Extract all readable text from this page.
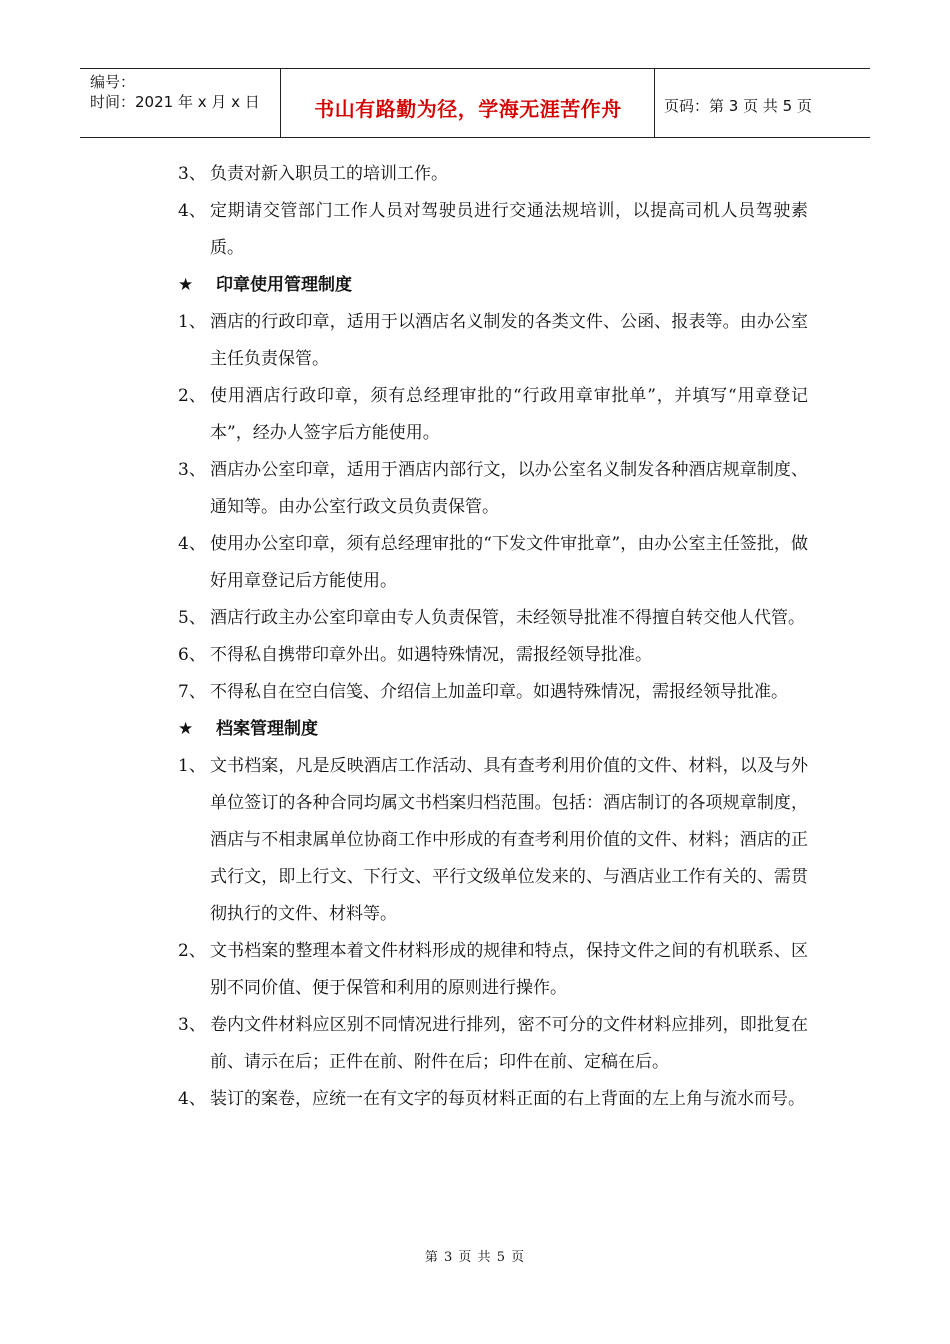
编号：
时间：2021 年 x 月 x 日	书山有路勤为径，学海无涯苦作舟	页码：第 3 页 共 5 页
3、 负责对新入职员工的培训工作。
4、 定期请交管部门工作人员对驾驶员进行交通法规培训，以提高司机人员驾驶素质。
★ 印章使用管理制度
1、 酒店的行政印章，适用于以酒店名义制发的各类文件、公函、报表等。由办公室主任负责保管。
2、 使用酒店行政印章，须有总经理审批的“行政用章审批单”，并填写“用章登记本”，经办人签字后方能使用。
3、 酒店办公室印章，适用于酒店内部行文，以办公室名义制发各种酒店规章制度、通知等。由办公室行政文员负责保管。
4、 使用办公室印章，须有总经理审批的“下发文件审批章”，由办公室主任签批，做好用章登记后方能使用。
5、 酒店行政主办公室印章由专人负责保管，未经领导批准不得擅自转交他人代管。
6、 不得私自携带印章外出。如遇特殊情况，需报经领导批准。
7、 不得私自在空白信笺、介绍信上加盖印章。如遇特殊情况，需报经领导批准。
★ 档案管理制度
1、 文书档案，凡是反映酒店工作活动、具有查考利用价值的文件、材料，以及与外单位签订的各种合同均属文书档案归档范围。包括：酒店制订的各项规章制度，酒店与不相隶属单位协商工作中形成的有查考利用价值的文件、材料；酒店的正式行文，即上行文、下行文、平行文级单位发来的、与酒店业工作有关的、需贯彻执行的文件、材料等。
2、 文书档案的整理本着文件材料形成的规律和特点，保持文件之间的有机联系、区别不同价值、便于保管和利用的原则进行操作。
3、 卷内文件材料应区别不同情况进行排列，密不可分的文件材料应排列，即批复在前、请示在后；正件在前、附件在后；印件在前、定稿在后。
4、 装订的案卷，应统一在有文字的每页材料正面的右上背面的左上角与流水而号。
第 3 页 共 5 页
